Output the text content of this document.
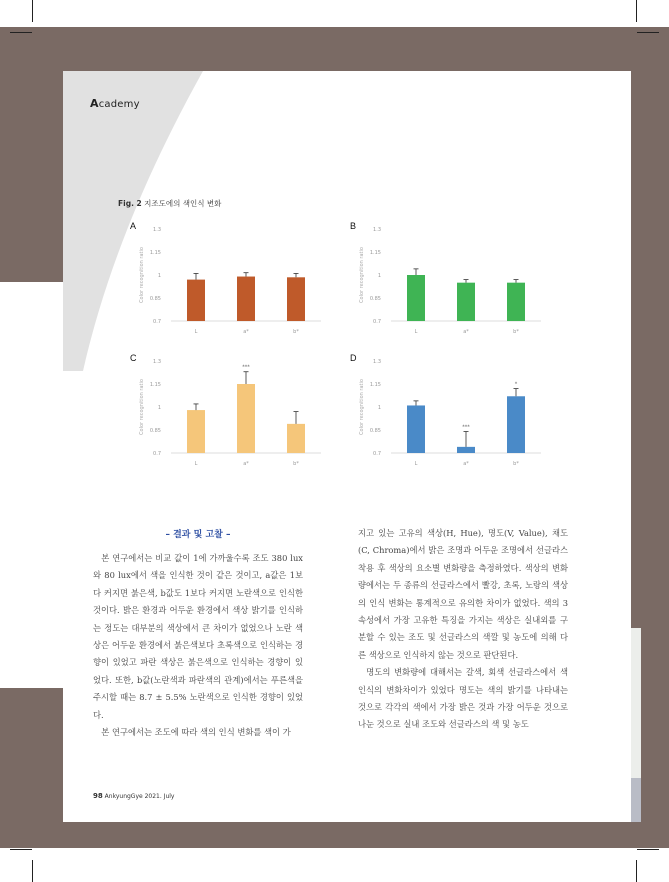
Academy
Fig. 2 지조도에의 색인식 변화
A
Color recognition ratio
0.7
0.85
1
1.15
1.3
L	a*	b*
B
Color recognition ratio
0.7
0.85
1
1.15
1.3
L	a*	b*
C
Color recognition ratio
0.7
0.85
1
1.15
1.3
L
***
a*	b*
D
Color recognition ratio
0.7
0.85
1
1.15
1.3
L
***
a*
*
b*
– 결과 및 고찰 –

본 연구에서는 비교 값이 1에 가까울수록 조도 380 lux와 80 lux에서 색을 인식한 것이 같은 것이고, a값은 1보다 커지면 붉은색, b값도 1보다 커지면 노란색으로 인식한 것이다. 밝은 환경과 어두운 환경에서 색상 밝기를 인식하는 정도는 대부분의 색상에서 큰 차이가 없었으나 노란 색상은 어두운 환경에서 붉은색보다 초록색으로 인식하는 경향이 있었고 파란 색상은 붉은색으로 인식하는 경향이 있었다. 또한, b값(노란색과 파란색의 관계)에서는 푸른색을 주시할 때는 8.7 ± 5.5% 노란색으로 인식한 경향이 있었다.

본 연구에서는 조도에 따라 색의 인식 변화를 색이 가

지고 있는 고유의 색상(H, Hue), 명도(V, Value), 채도(C, Chroma)에서 밝은 조명과 어두운 조명에서 선글라스 착용 후 색상의 요소별 변화량을 측정하였다. 색상의 변화량에서는 두 종류의 선글라스에서 빨강, 초록, 노랑의 색상의 인식 변화는 통계적으로 유의한 차이가 없었다. 색의 3속성에서 가장 고유한 특징을 가지는 색상은 실내외를 구분할 수 있는 조도 및 선글라스의 색깔 및 농도에 의해 다른 색상으로 인식하지 않는 것으로 판단된다.

명도의 변화량에 대해서는 갈색, 회색 선글라스에서 색 인식의 변화차이가 있었다 명도는 색의 밝기를 나타내는 것으로 각각의 색에서 가장 밝은 것과 가장 어두운 것으로 나눈 것으로 실내 조도와 선글라스의 색 및 농도

98 AnkyungGye 2021. July
